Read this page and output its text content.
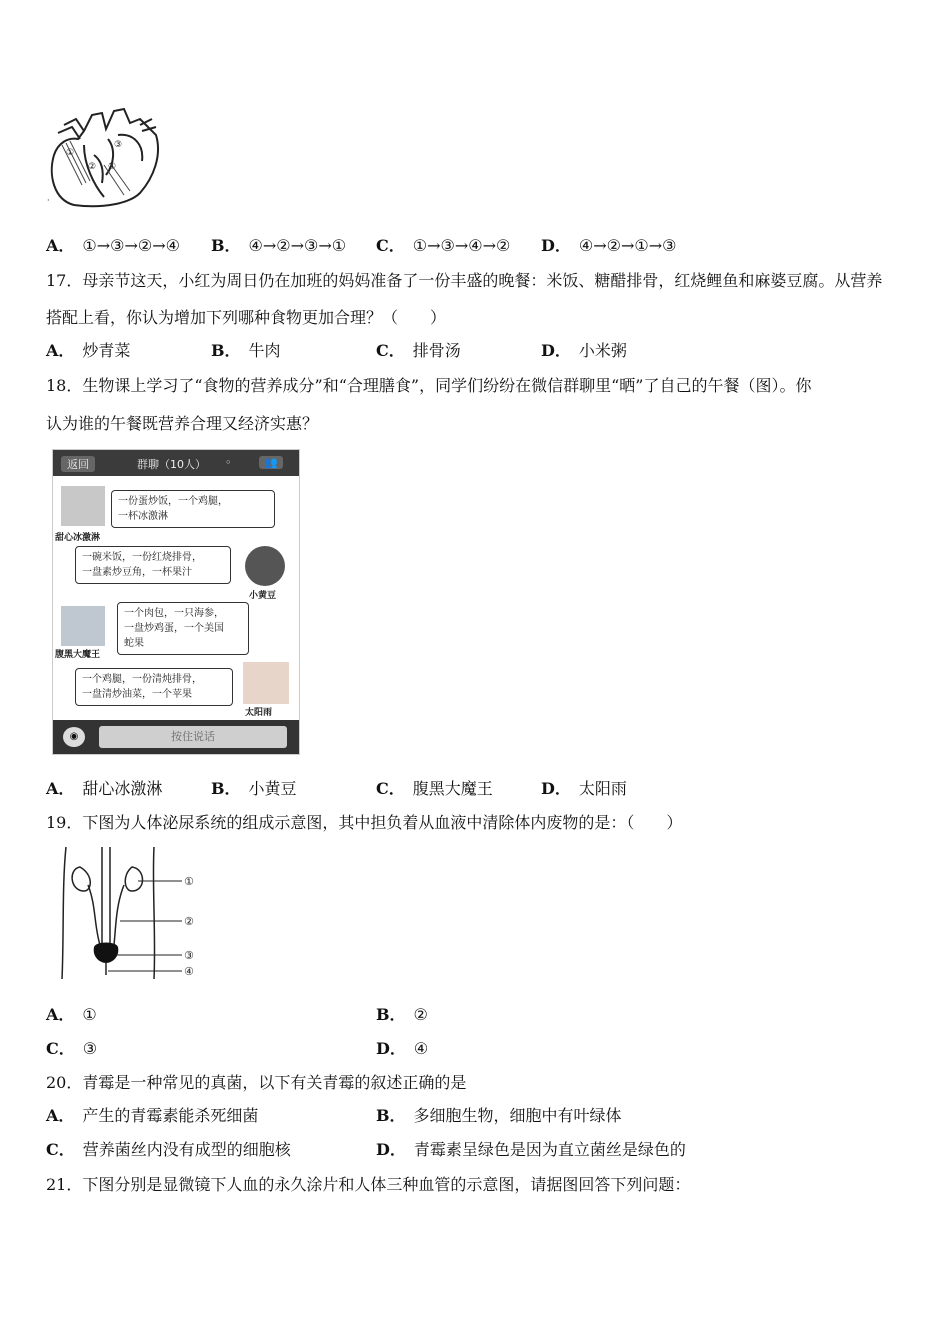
①
③
② ④
·
A． ①→③→②→④ B． ④→②→③→① C． ①→③→④→② D． ④→②→①→③
17．母亲节这天，小红为周日仍在加班的妈妈准备了一份丰盛的晚餐：米饭、糖醋排骨，红烧鲤鱼和麻婆豆腐。从营养
搭配上看，你认为增加下列哪种食物更加合理？（　　）
A． 炒青菜	B． 牛肉	C． 排骨汤	D． 小米粥
18．生物课上学习了“食物的营养成分”和“合理膳食”，同学们纷纷在微信群聊里“晒”了自己的午餐（图）。你
认为谁的午餐既营养合理又经济实惠？
返回	群聊（10人） ◦	👥
甜心冰激淋
一份蛋炒饭，一个鸡腿，
一杯冰激淋
一碗米饭，一份红烧排骨，
一盘素炒豆角，一杯果汁
小黄豆
腹黑大魔王
一个肉包，一只海参，
一盘炒鸡蛋，一个美国
蛇果
一个鸡腿，一份清炖排骨，
一盘清炒油菜，一个苹果
太阳雨
◉	按住说话
A． 甜心冰激淋	B． 小黄豆	C． 腹黑大魔王	D． 太阳雨
19．下图为人体泌尿系统的组成示意图，其中担负着从血液中清除体内废物的是：（　　）
①
②
③
④
A． ①	B． ②
C． ③	D． ④
20．青霉是一种常见的真菌，以下有关青霉的叙述正确的是
A． 产生的青霉素能杀死细菌	B． 多细胞生物，细胞中有叶绿体
C． 营养菌丝内没有成型的细胞核	D． 青霉素呈绿色是因为直立菌丝是绿色的
21．下图分别是显微镜下人血的永久涂片和人体三种血管的示意图，请据图回答下列问题：
